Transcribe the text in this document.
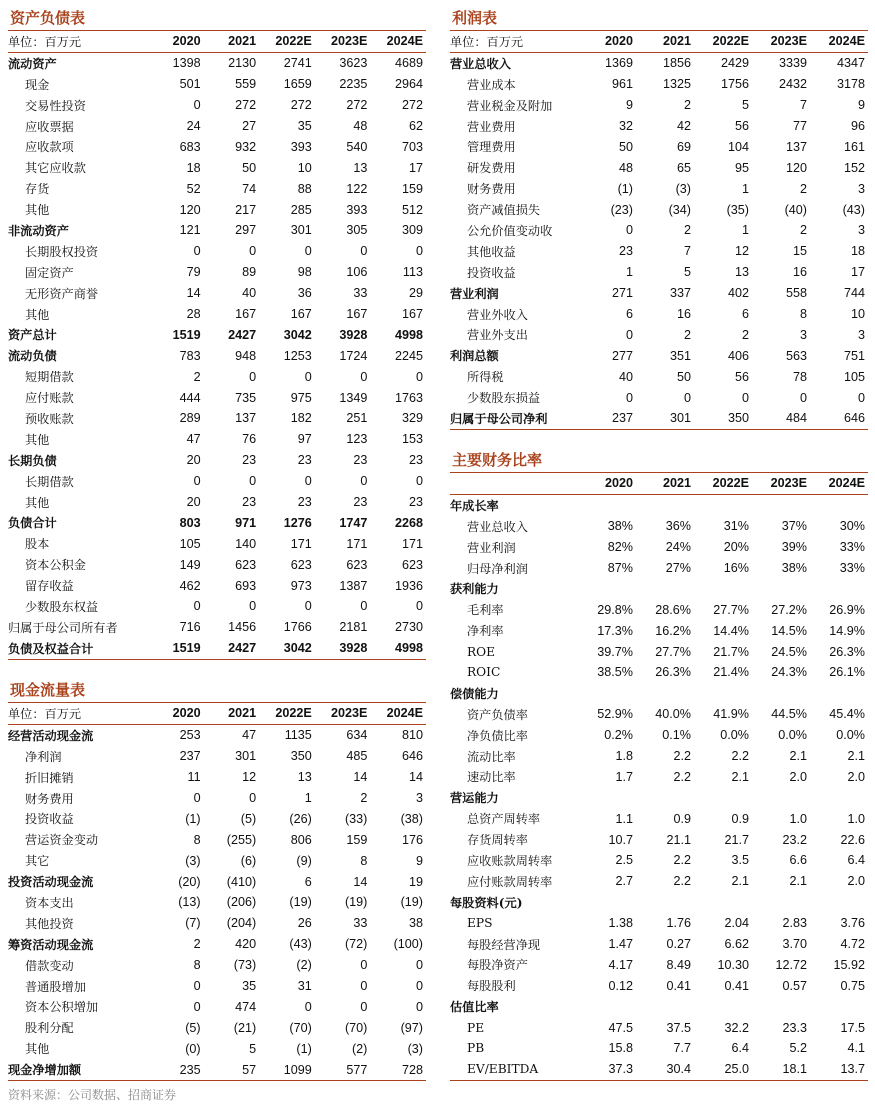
资产负债表
单位：百万元	2020	2021	2022E	2023E	2024E
流动资产	1398	2130	2741	3623	4689
现金	501	559	1659	2235	2964
交易性投资	0	272	272	272	272
应收票据	24	27	35	48	62
应收款项	683	932	393	540	703
其它应收款	18	50	10	13	17
存货	52	74	88	122	159
其他	120	217	285	393	512
非流动资产	121	297	301	305	309
长期股权投资	0	0	0	0	0
固定资产	79	89	98	106	113
无形资产商誉	14	40	36	33	29
其他	28	167	167	167	167
资产总计	1519	2427	3042	3928	4998
流动负债	783	948	1253	1724	2245
短期借款	2	0	0	0	0
应付账款	444	735	975	1349	1763
预收账款	289	137	182	251	329
其他	47	76	97	123	153
长期负债	20	23	23	23	23
长期借款	0	0	0	0	0
其他	20	23	23	23	23
负债合计	803	971	1276	1747	2268
股本	105	140	171	171	171
资本公积金	149	623	623	623	623
留存收益	462	693	973	1387	1936
少数股东权益	0	0	0	0	0
归属于母公司所有者	716	1456	1766	2181	2730
负债及权益合计	1519	2427	3042	3928	4998
现金流量表
单位：百万元	2020	2021	2022E	2023E	2024E
经营活动现金流	253	47	1135	634	810
净利润	237	301	350	485	646
折旧摊销	11	12	13	14	14
财务费用	0	0	1	2	3
投资收益	(1)	(5)	(26)	(33)	(38)
营运资金变动	8	(255)	806	159	176
其它	(3)	(6)	(9)	8	9
投资活动现金流	(20)	(410)	6	14	19
资本支出	(13)	(206)	(19)	(19)	(19)
其他投资	(7)	(204)	26	33	38
筹资活动现金流	2	420	(43)	(72)	(100)
借款变动	8	(73)	(2)	0	0
普通股增加	0	35	31	0	0
资本公积增加	0	474	0	0	0
股利分配	(5)	(21)	(70)	(70)	(97)
其他	(0)	5	(1)	(2)	(3)
现金净增加额	235	57	1099	577	728
利润表
单位：百万元	2020	2021	2022E	2023E	2024E
营业总收入	1369	1856	2429	3339	4347
营业成本	961	1325	1756	2432	3178
营业税金及附加	9	2	5	7	9
营业费用	32	42	56	77	96
管理费用	50	69	104	137	161
研发费用	48	65	95	120	152
财务费用	(1)	(3)	1	2	3
资产减值损失	(23)	(34)	(35)	(40)	(43)
公允价值变动收	0	2	1	2	3
其他收益	23	7	12	15	18
投资收益	1	5	13	16	17
营业利润	271	337	402	558	744
营业外收入	6	16	6	8	10
营业外支出	0	2	2	3	3
利润总额	277	351	406	563	751
所得税	40	50	56	78	105
少数股东损益	0	0	0	0	0
归属于母公司净利	237	301	350	484	646
主要财务比率
	2020	2021	2022E	2023E	2024E
年成长率					
营业总收入	38%	36%	31%	37%	30%
营业利润	82%	24%	20%	39%	33%
归母净利润	87%	27%	16%	38%	33%
获利能力					
毛利率	29.8%	28.6%	27.7%	27.2%	26.9%
净利率	17.3%	16.2%	14.4%	14.5%	14.9%
ROE	39.7%	27.7%	21.7%	24.5%	26.3%
ROIC	38.5%	26.3%	21.4%	24.3%	26.1%
偿债能力					
资产负债率	52.9%	40.0%	41.9%	44.5%	45.4%
净负债比率	0.2%	0.1%	0.0%	0.0%	0.0%
流动比率	1.8	2.2	2.2	2.1	2.1
速动比率	1.7	2.2	2.1	2.0	2.0
营运能力					
总资产周转率	1.1	0.9	0.9	1.0	1.0
存货周转率	10.7	21.1	21.7	23.2	22.6
应收账款周转率	2.5	2.2	3.5	6.6	6.4
应付账款周转率	2.7	2.2	2.1	2.1	2.0
每股资料(元)					
EPS	1.38	1.76	2.04	2.83	3.76
每股经营净现	1.47	0.27	6.62	3.70	4.72
每股净资产	4.17	8.49	10.30	12.72	15.92
每股股利	0.12	0.41	0.41	0.57	0.75
估值比率					
PE	47.5	37.5	32.2	23.3	17.5
PB	15.8	7.7	6.4	5.2	4.1
EV/EBITDA	37.3	30.4	25.0	18.1	13.7
资料来源：公司数据、招商证券
